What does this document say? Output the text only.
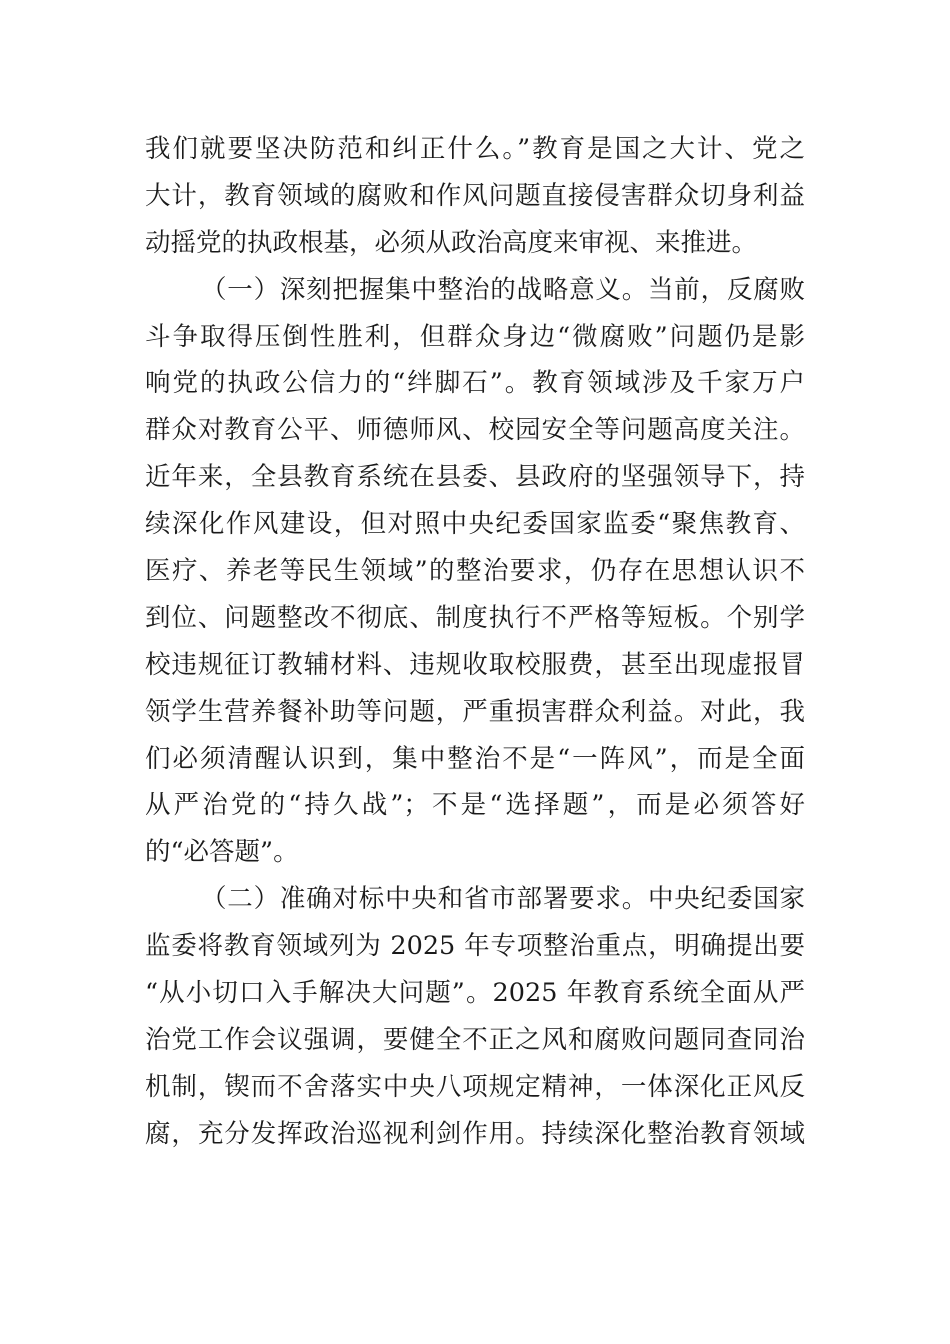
我们就要坚决防范和纠正什么。”教育是国之大计、党之
大计，教育领域的腐败和作风问题直接侵害群众切身利益
动摇党的执政根基，必须从政治高度来审视、来推进。
（一）深刻把握集中整治的战略意义。当前，反腐败
斗争取得压倒性胜利，但群众身边“微腐败”问题仍是影
响党的执政公信力的“绊脚石”。教育领域涉及千家万户
群众对教育公平、师德师风、校园安全等问题高度关注。
近年来，全县教育系统在县委、县政府的坚强领导下，持
续深化作风建设，但对照中央纪委国家监委“聚焦教育、
医疗、养老等民生领域”的整治要求，仍存在思想认识不
到位、问题整改不彻底、制度执行不严格等短板。个别学
校违规征订教辅材料、违规收取校服费，甚至出现虚报冒
领学生营养餐补助等问题，严重损害群众利益。对此，我
们必须清醒认识到，集中整治不是“一阵风”，而是全面
从严治党的“持久战”；不是“选择题”，而是必须答好
的“必答题”。
（二）准确对标中央和省市部署要求。中央纪委国家
监委将教育领域列为 2025 年专项整治重点，明确提出要
“从小切口入手解决大问题”。2025 年教育系统全面从严
治党工作会议强调，要健全不正之风和腐败问题同查同治
机制，锲而不舍落实中央八项规定精神，一体深化正风反
腐，充分发挥政治巡视利剑作用。持续深化整治教育领域
